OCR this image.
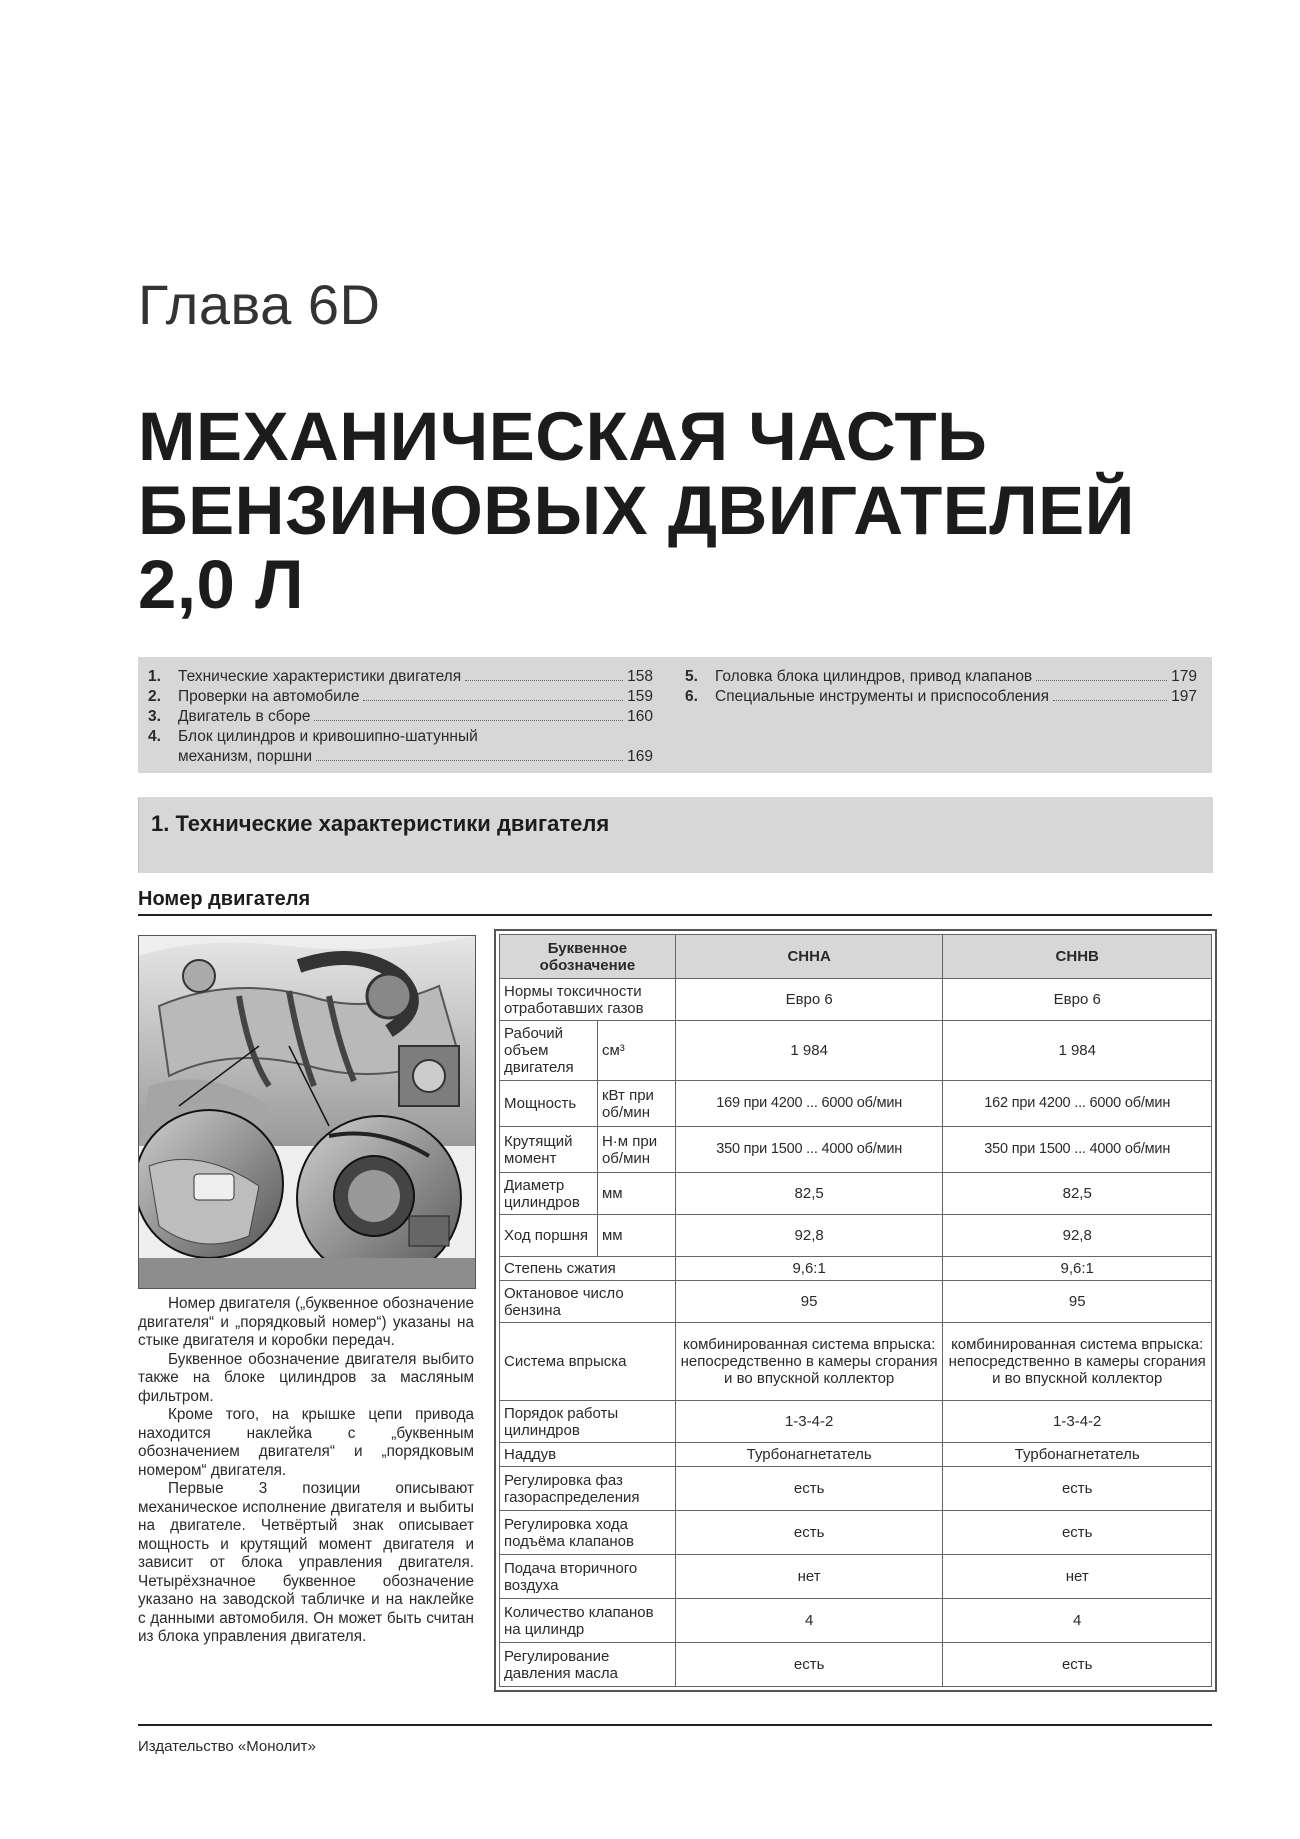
Глава 6D
МЕХАНИЧЕСКАЯ ЧАСТЬ
БЕНЗИНОВЫХ ДВИГАТЕЛЕЙ
2,0 Л
1.	Технические характеристики двигателя	158
2.	Проверки на автомобиле	159
3.	Двигатель в сборе	160
4.	Блок цилиндров и кривошипно-шатунный
механизм, поршни	169
5.	Головка блока цилиндров, привод клапанов	179
6.	Специальные инструменты и приспособления	197
1. Технические характеристики двигателя
Номер двигателя

Номер двигателя („буквенное обозначение двигателя“ и „порядковый номер“) указаны на стыке двигателя и коробки передач.

Буквенное обозначение двигателя выбито также на блоке цилиндров за масляным фильтром.

Кроме того, на крышке цепи привода находится наклейка с „буквенным обозначением двигателя“ и „порядковым номером“ двигателя.

Первые 3 позиции описывают механическое исполнение двигателя и выбиты на двигателе. Четвёртый знак описывает мощность и крутящий момент двигателя и зависит от блока управления двигателя. Четырёхзначное буквенное обозначение указано на заводской табличке и на наклейке с данными автомобиля. Он может быть считан из блока управления двигателя.

Буквенное обозначение		CHHA	CHHB
Нормы токсичности отработавших газов		Евро 6	Евро 6
Рабочий объем двигателя	см³	1 984	1 984
Мощность	кВт при об/мин	169 при 4200 ... 6000 об/мин	162 при 4200 ... 6000 об/мин
Крутящий момент	Н·м при об/мин	350 при 1500 ... 4000 об/мин	350 при 1500 ... 4000 об/мин
Диаметр цилиндров	мм	82,5	82,5
Ход поршня	мм	92,8	92,8
Степень сжатия		9,6:1	9,6:1
Октановое число бензина		95	95
Система впрыска		комбинированная система впрыска: непосредственно в камеры сгорания и во впускной коллектор	комбинированная система впрыска: непосредственно в камеры сгорания и во впускной коллектор
Порядок работы цилиндров		1-3-4-2	1-3-4-2
Наддув		Турбонагнетатель	Турбонагнетатель
Регулировка фаз газораспределения		есть	есть
Регулировка хода подъёма клапанов		есть	есть
Подача вторичного воздуха		нет	нет
Количество клапанов на цилиндр		4	4
Регулирование давления масла		есть	есть
Издательство «Монолит»
